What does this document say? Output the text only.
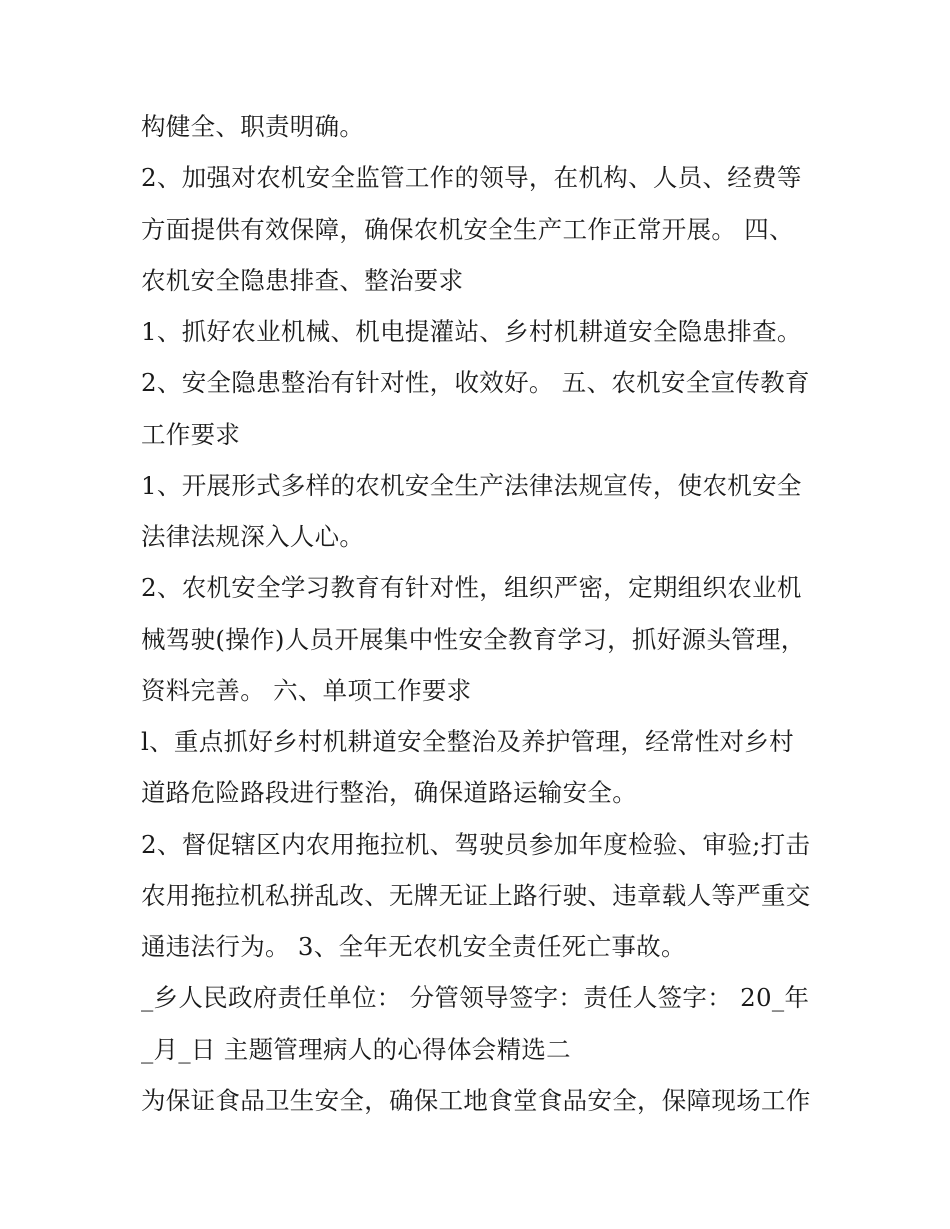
构健全、职责明确。
2、加强对农机安全监管工作的领导，在机构、人员、经费等
方面提供有效保障，确保农机安全生产工作正常开展。 四、
农机安全隐患排查、整治要求
1、抓好农业机械、机电提灌站、乡村机耕道安全隐患排查。
2、安全隐患整治有针对性，收效好。 五、农机安全宣传教育
工作要求
1、开展形式多样的农机安全生产法律法规宣传，使农机安全
法律法规深入人心。
2、农机安全学习教育有针对性，组织严密，定期组织农业机
械驾驶(操作)人员开展集中性安全教育学习，抓好源头管理，
资料完善。 六、单项工作要求
l、重点抓好乡村机耕道安全整治及养护管理，经常性对乡村
道路危险路段进行整治，确保道路运输安全。
2、督促辖区内农用拖拉机、驾驶员参加年度检验、审验;打击
农用拖拉机私拼乱改、无牌无证上路行驶、违章载人等严重交
通违法行为。 3、全年无农机安全责任死亡事故。
_乡人民政府责任单位： 分管领导签字：责任人签字： 20_年
_月_日 主题管理病人的心得体会精选二
为保证食品卫生安全，确保工地食堂食品安全，保障现场工作
